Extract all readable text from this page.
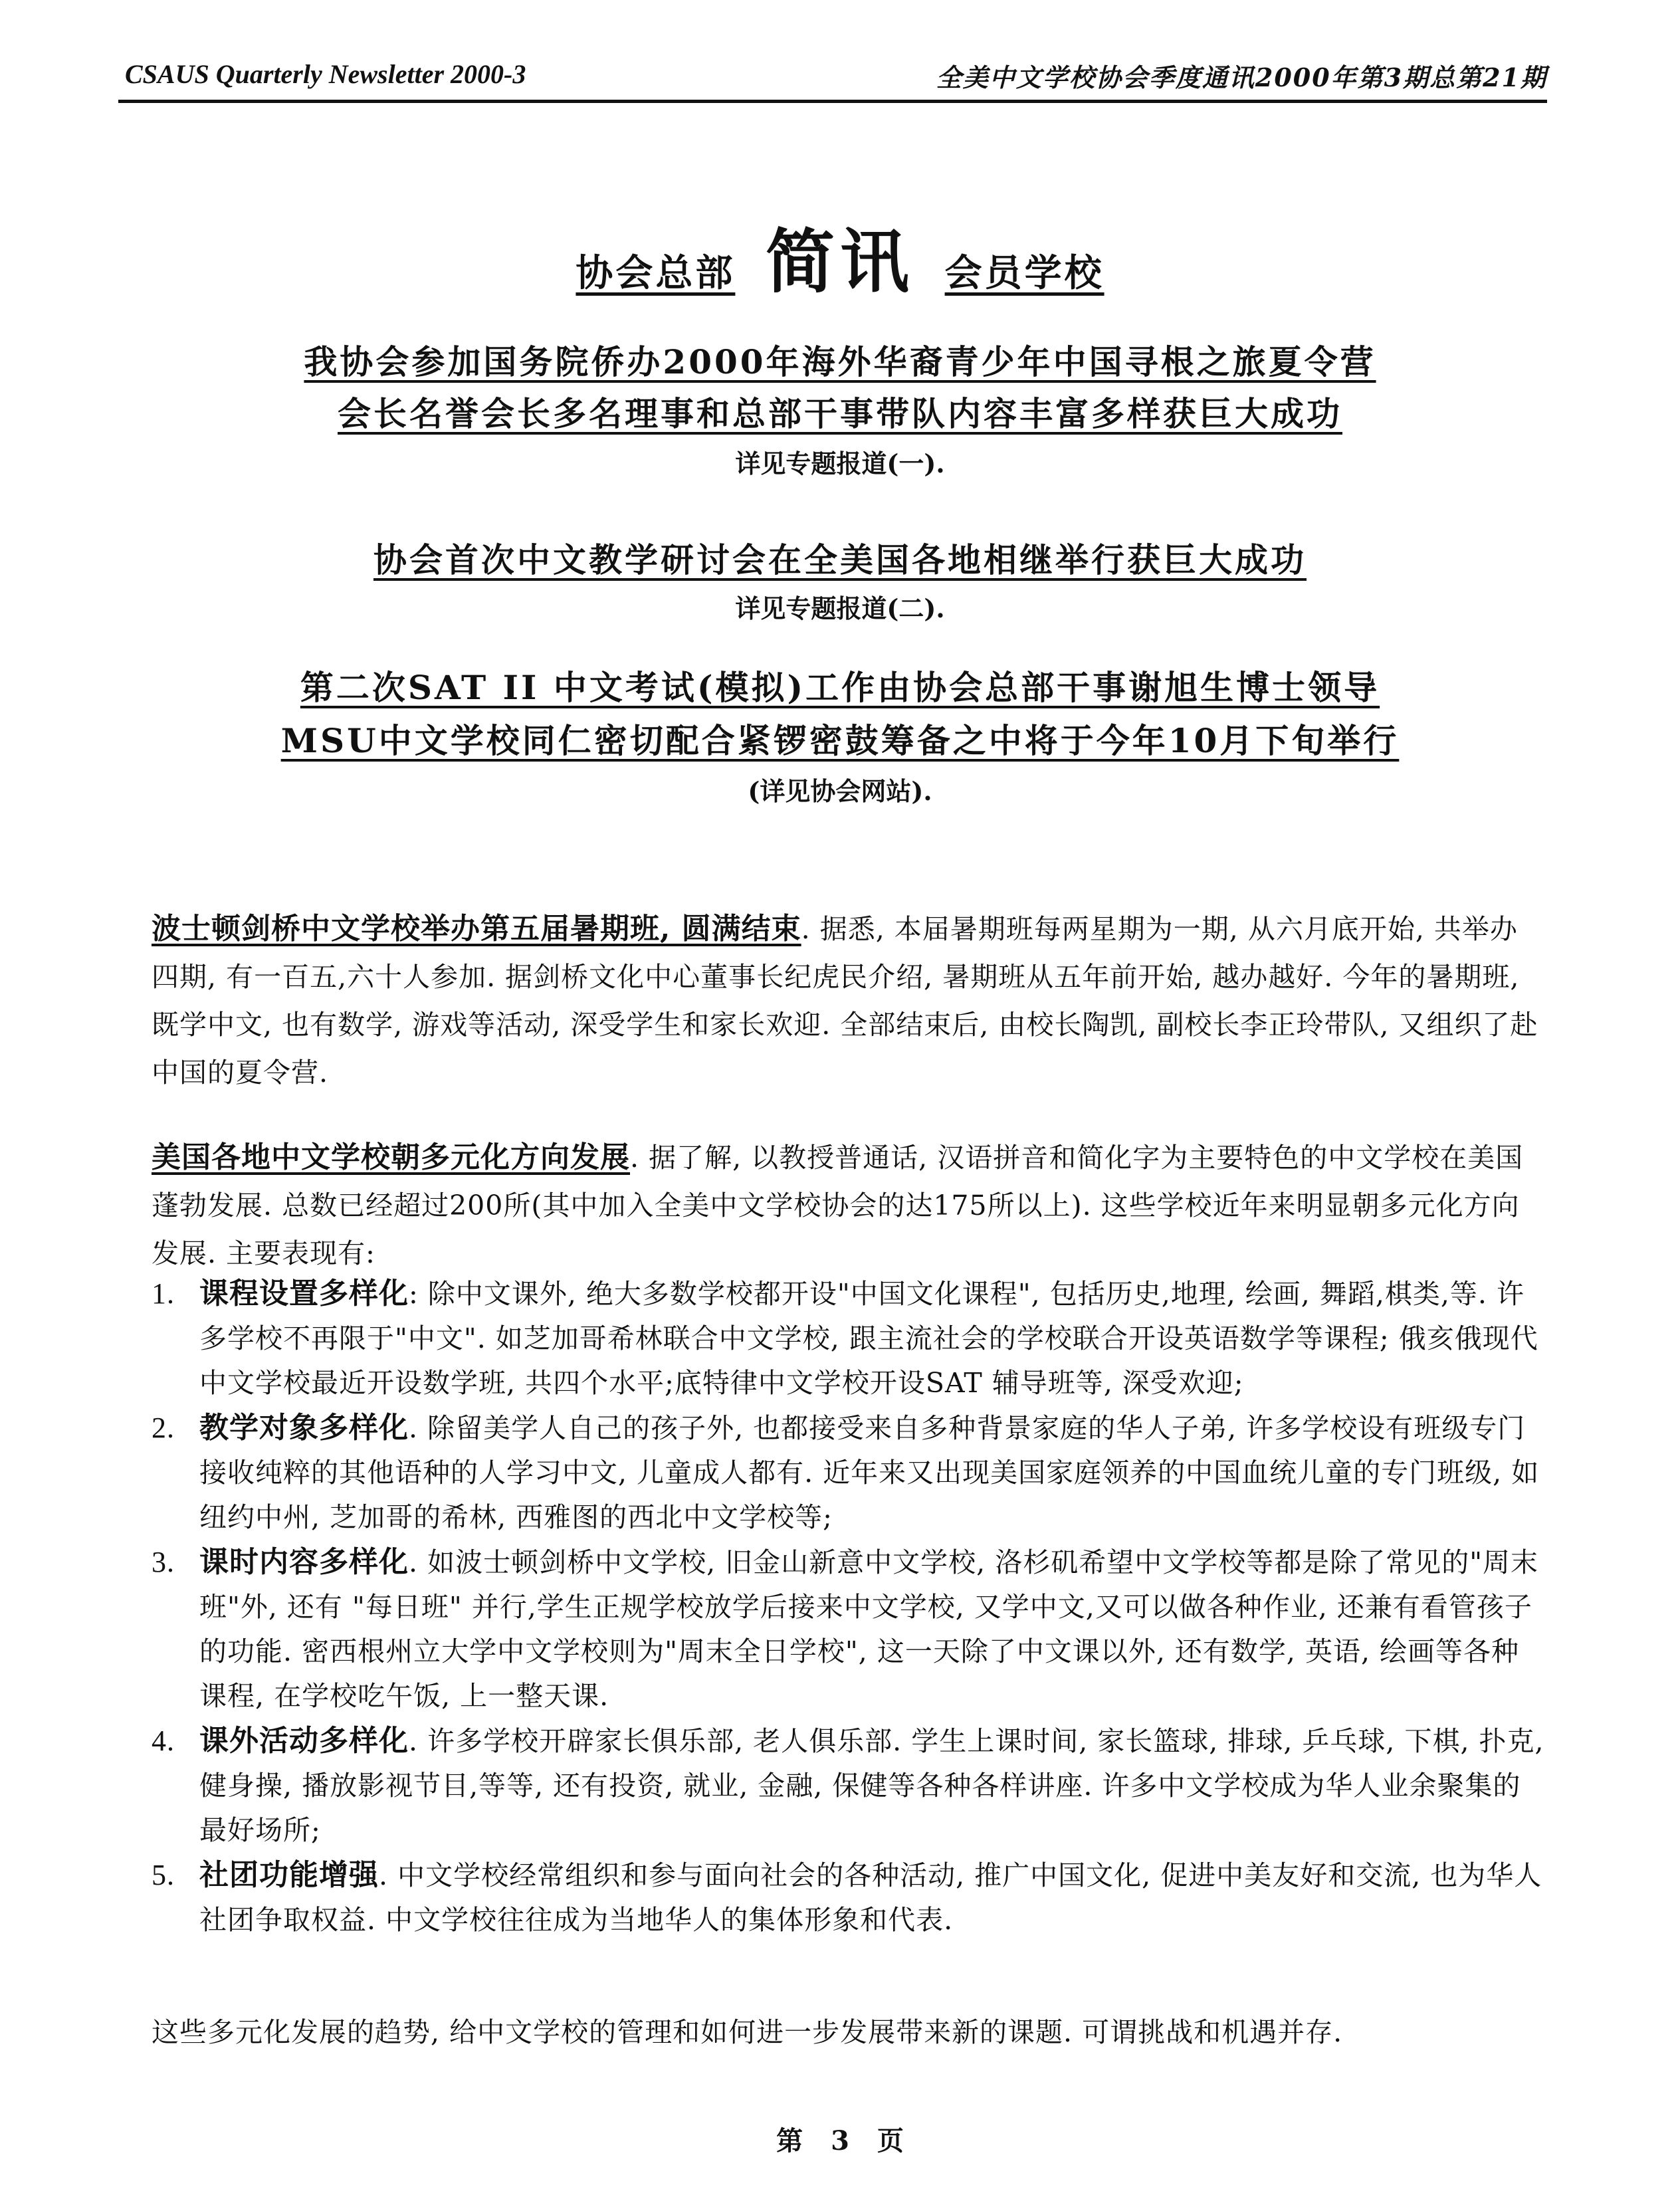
CSAUS Quarterly Newsletter 2000-3	全美中文学校协会季度通讯2000年第3期总第21期
协会总部 简讯 会员学校
我协会参加国务院侨办2000年海外华裔青少年中国寻根之旅夏令营
会长名誉会长多名理事和总部干事带队内容丰富多样获巨大成功
详见专题报道(一).
协会首次中文教学研讨会在全美国各地相继举行获巨大成功
详见专题报道(二).
第二次SAT II 中文考试(模拟)工作由协会总部干事谢旭生博士领导
MSU中文学校同仁密切配合紧锣密鼓筹备之中将于今年10月下旬举行
(详见协会网站).
波士顿剑桥中文学校举办第五届暑期班, 圆满结束. 据悉, 本届暑期班每两星期为一期, 从六月底开始, 共举办四期, 有一百五,六十人参加. 据剑桥文化中心董事长纪虎民介绍, 暑期班从五年前开始, 越办越好. 今年的暑期班, 既学中文, 也有数学, 游戏等活动, 深受学生和家长欢迎. 全部结束后, 由校长陶凯, 副校长李正玲带队, 又组织了赴中国的夏令营.
美国各地中文学校朝多元化方向发展. 据了解, 以教授普通话, 汉语拼音和简化字为主要特色的中文学校在美国蓬勃发展. 总数已经超过200所(其中加入全美中文学校协会的达175所以上). 这些学校近年来明显朝多元化方向发展. 主要表现有:
1. 课程设置多样化: 除中文课外, 绝大多数学校都开设"中国文化课程", 包括历史,地理, 绘画, 舞蹈,棋类,等. 许多学校不再限于"中文". 如芝加哥希林联合中文学校, 跟主流社会的学校联合开设英语数学等课程; 俄亥俄现代中文学校最近开设数学班, 共四个水平;底特律中文学校开设SAT 辅导班等, 深受欢迎;
2. 教学对象多样化. 除留美学人自己的孩子外, 也都接受来自多种背景家庭的华人子弟, 许多学校设有班级专门接收纯粹的其他语种的人学习中文, 儿童成人都有. 近年来又出现美国家庭领养的中国血统儿童的专门班级, 如纽约中州, 芝加哥的希林, 西雅图的西北中文学校等;
3. 课时内容多样化. 如波士顿剑桥中文学校, 旧金山新意中文学校, 洛杉矶希望中文学校等都是除了常见的"周末班"外, 还有 "每日班" 并行,学生正规学校放学后接来中文学校, 又学中文,又可以做各种作业, 还兼有看管孩子的功能. 密西根州立大学中文学校则为"周末全日学校", 这一天除了中文课以外, 还有数学, 英语, 绘画等各种课程, 在学校吃午饭, 上一整天课.
4. 课外活动多样化. 许多学校开辟家长俱乐部, 老人俱乐部. 学生上课时间, 家长篮球, 排球, 乒乓球, 下棋, 扑克, 健身操, 播放影视节目,等等, 还有投资, 就业, 金融, 保健等各种各样讲座. 许多中文学校成为华人业余聚集的最好场所;
5. 社团功能增强. 中文学校经常组织和参与面向社会的各种活动, 推广中国文化, 促进中美友好和交流, 也为华人社团争取权益. 中文学校往往成为当地华人的集体形象和代表.
这些多元化发展的趋势, 给中文学校的管理和如何进一步发展带来新的课题. 可谓挑战和机遇并存.
第 3 页
